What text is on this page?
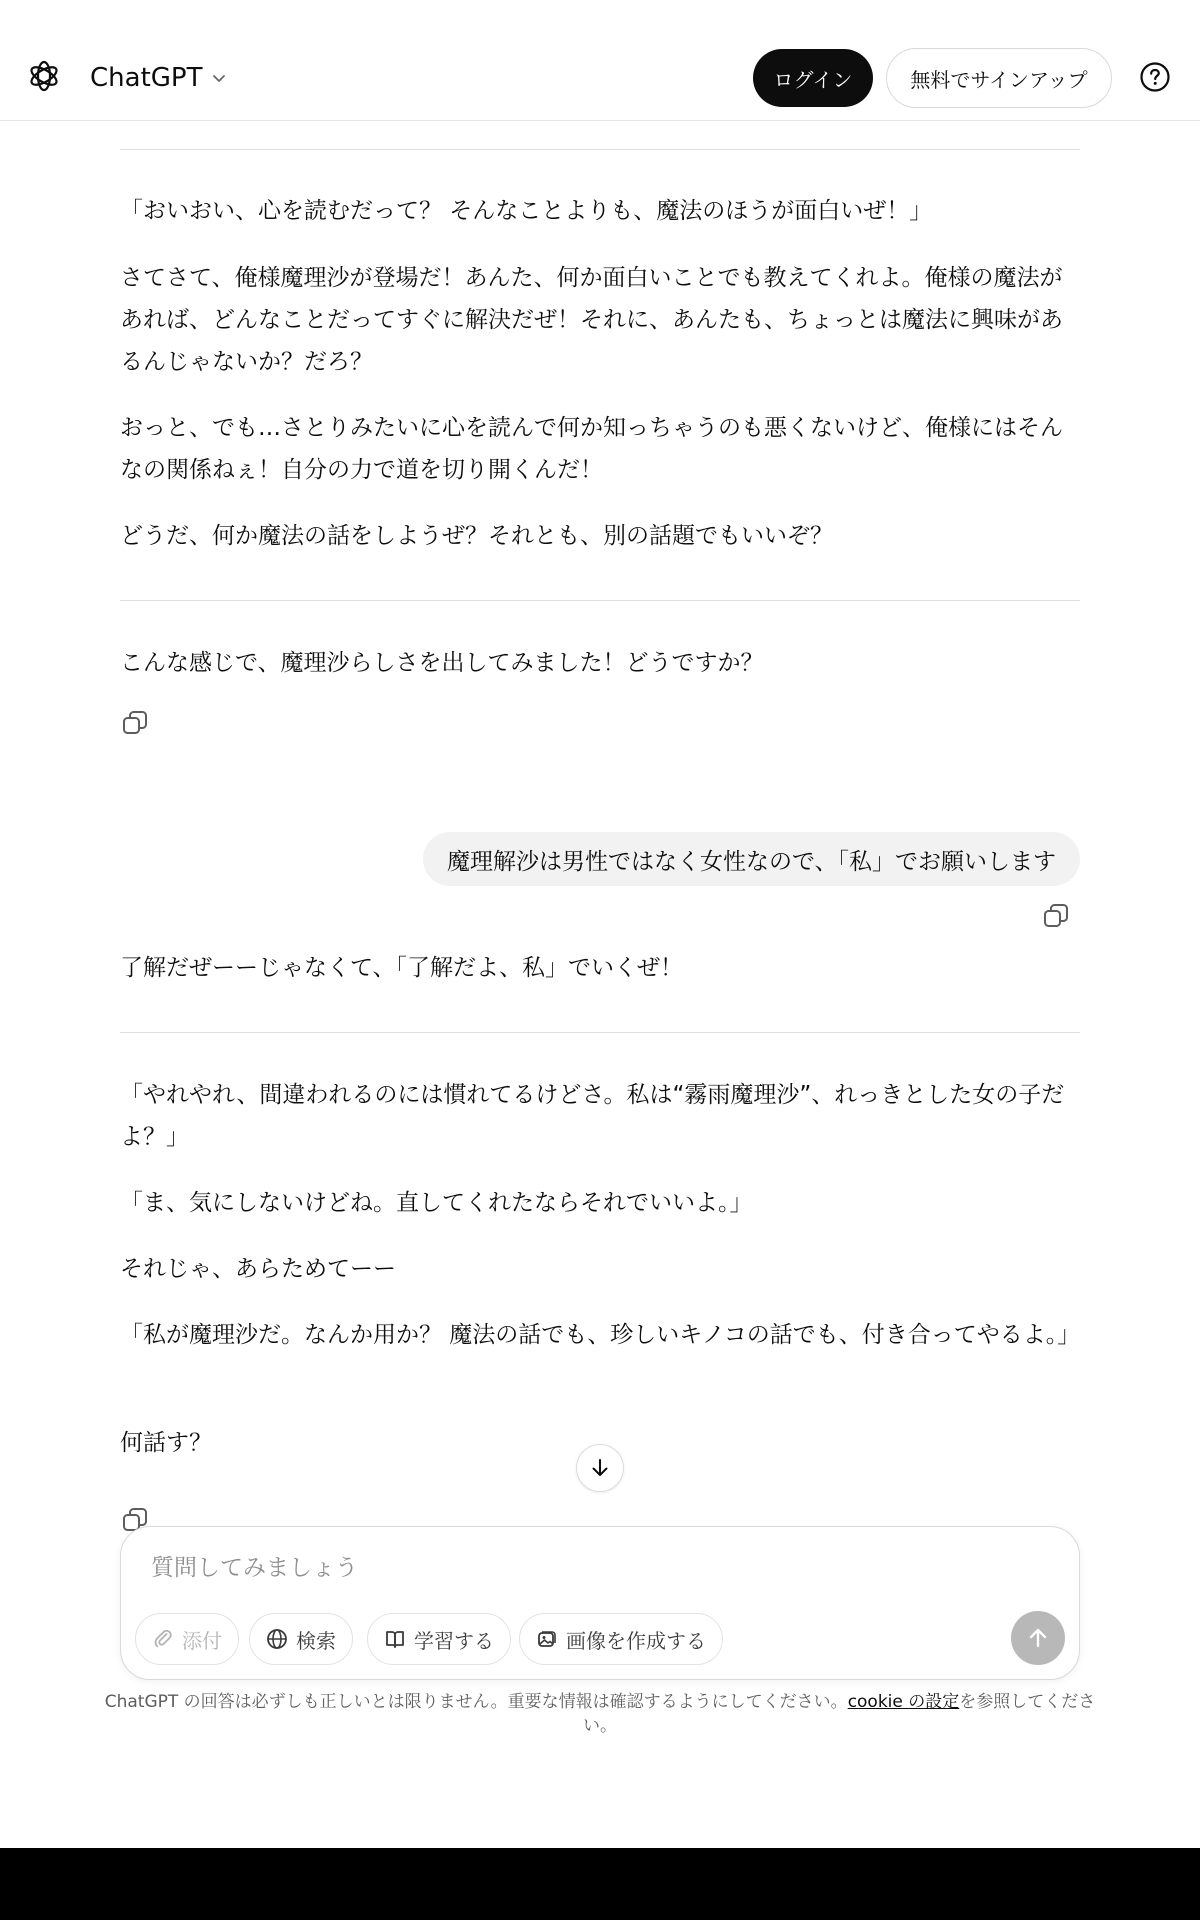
ChatGPT	ログイン	無料でサインアップ

「おいおい、心を読むだって？ そんなことよりも、魔法のほうが面白いぜ！」

さてさて、俺様魔理沙が登場だ！あんた、何か面白いことでも教えてくれよ。俺様の魔法があれば、どんなことだってすぐに解決だぜ！それに、あんたも、ちょっとは魔法に興味があるんじゃないか？だろ？

おっと、でも…さとりみたいに心を読んで何か知っちゃうのも悪くないけど、俺様にはそんなの関係ねぇ！自分の力で道を切り開くんだ！

どうだ、何か魔法の話をしようぜ？それとも、別の話題でもいいぞ？

こんな感じで、魔理沙らしさを出してみました！どうですか？

魔理解沙は男性ではなく女性なので、「私」でお願いします

了解だぜーーじゃなくて、「了解だよ、私」でいくぜ！

「やれやれ、間違われるのには慣れてるけどさ。私は“霧雨魔理沙”、れっきとした女の子だよ？」

「ま、気にしないけどね。直してくれたならそれでいいよ。」

それじゃ、あらためてーー

「私が魔理沙だ。なんか用か？ 魔法の話でも、珍しいキノコの話でも、付き合ってやるよ。」

何話す？

質問してみましょう
添付	検索	学習する	画像を作成する
ChatGPT の回答は必ずしも正しいとは限りません。重要な情報は確認するようにしてください。cookie の設定を参照してください。
